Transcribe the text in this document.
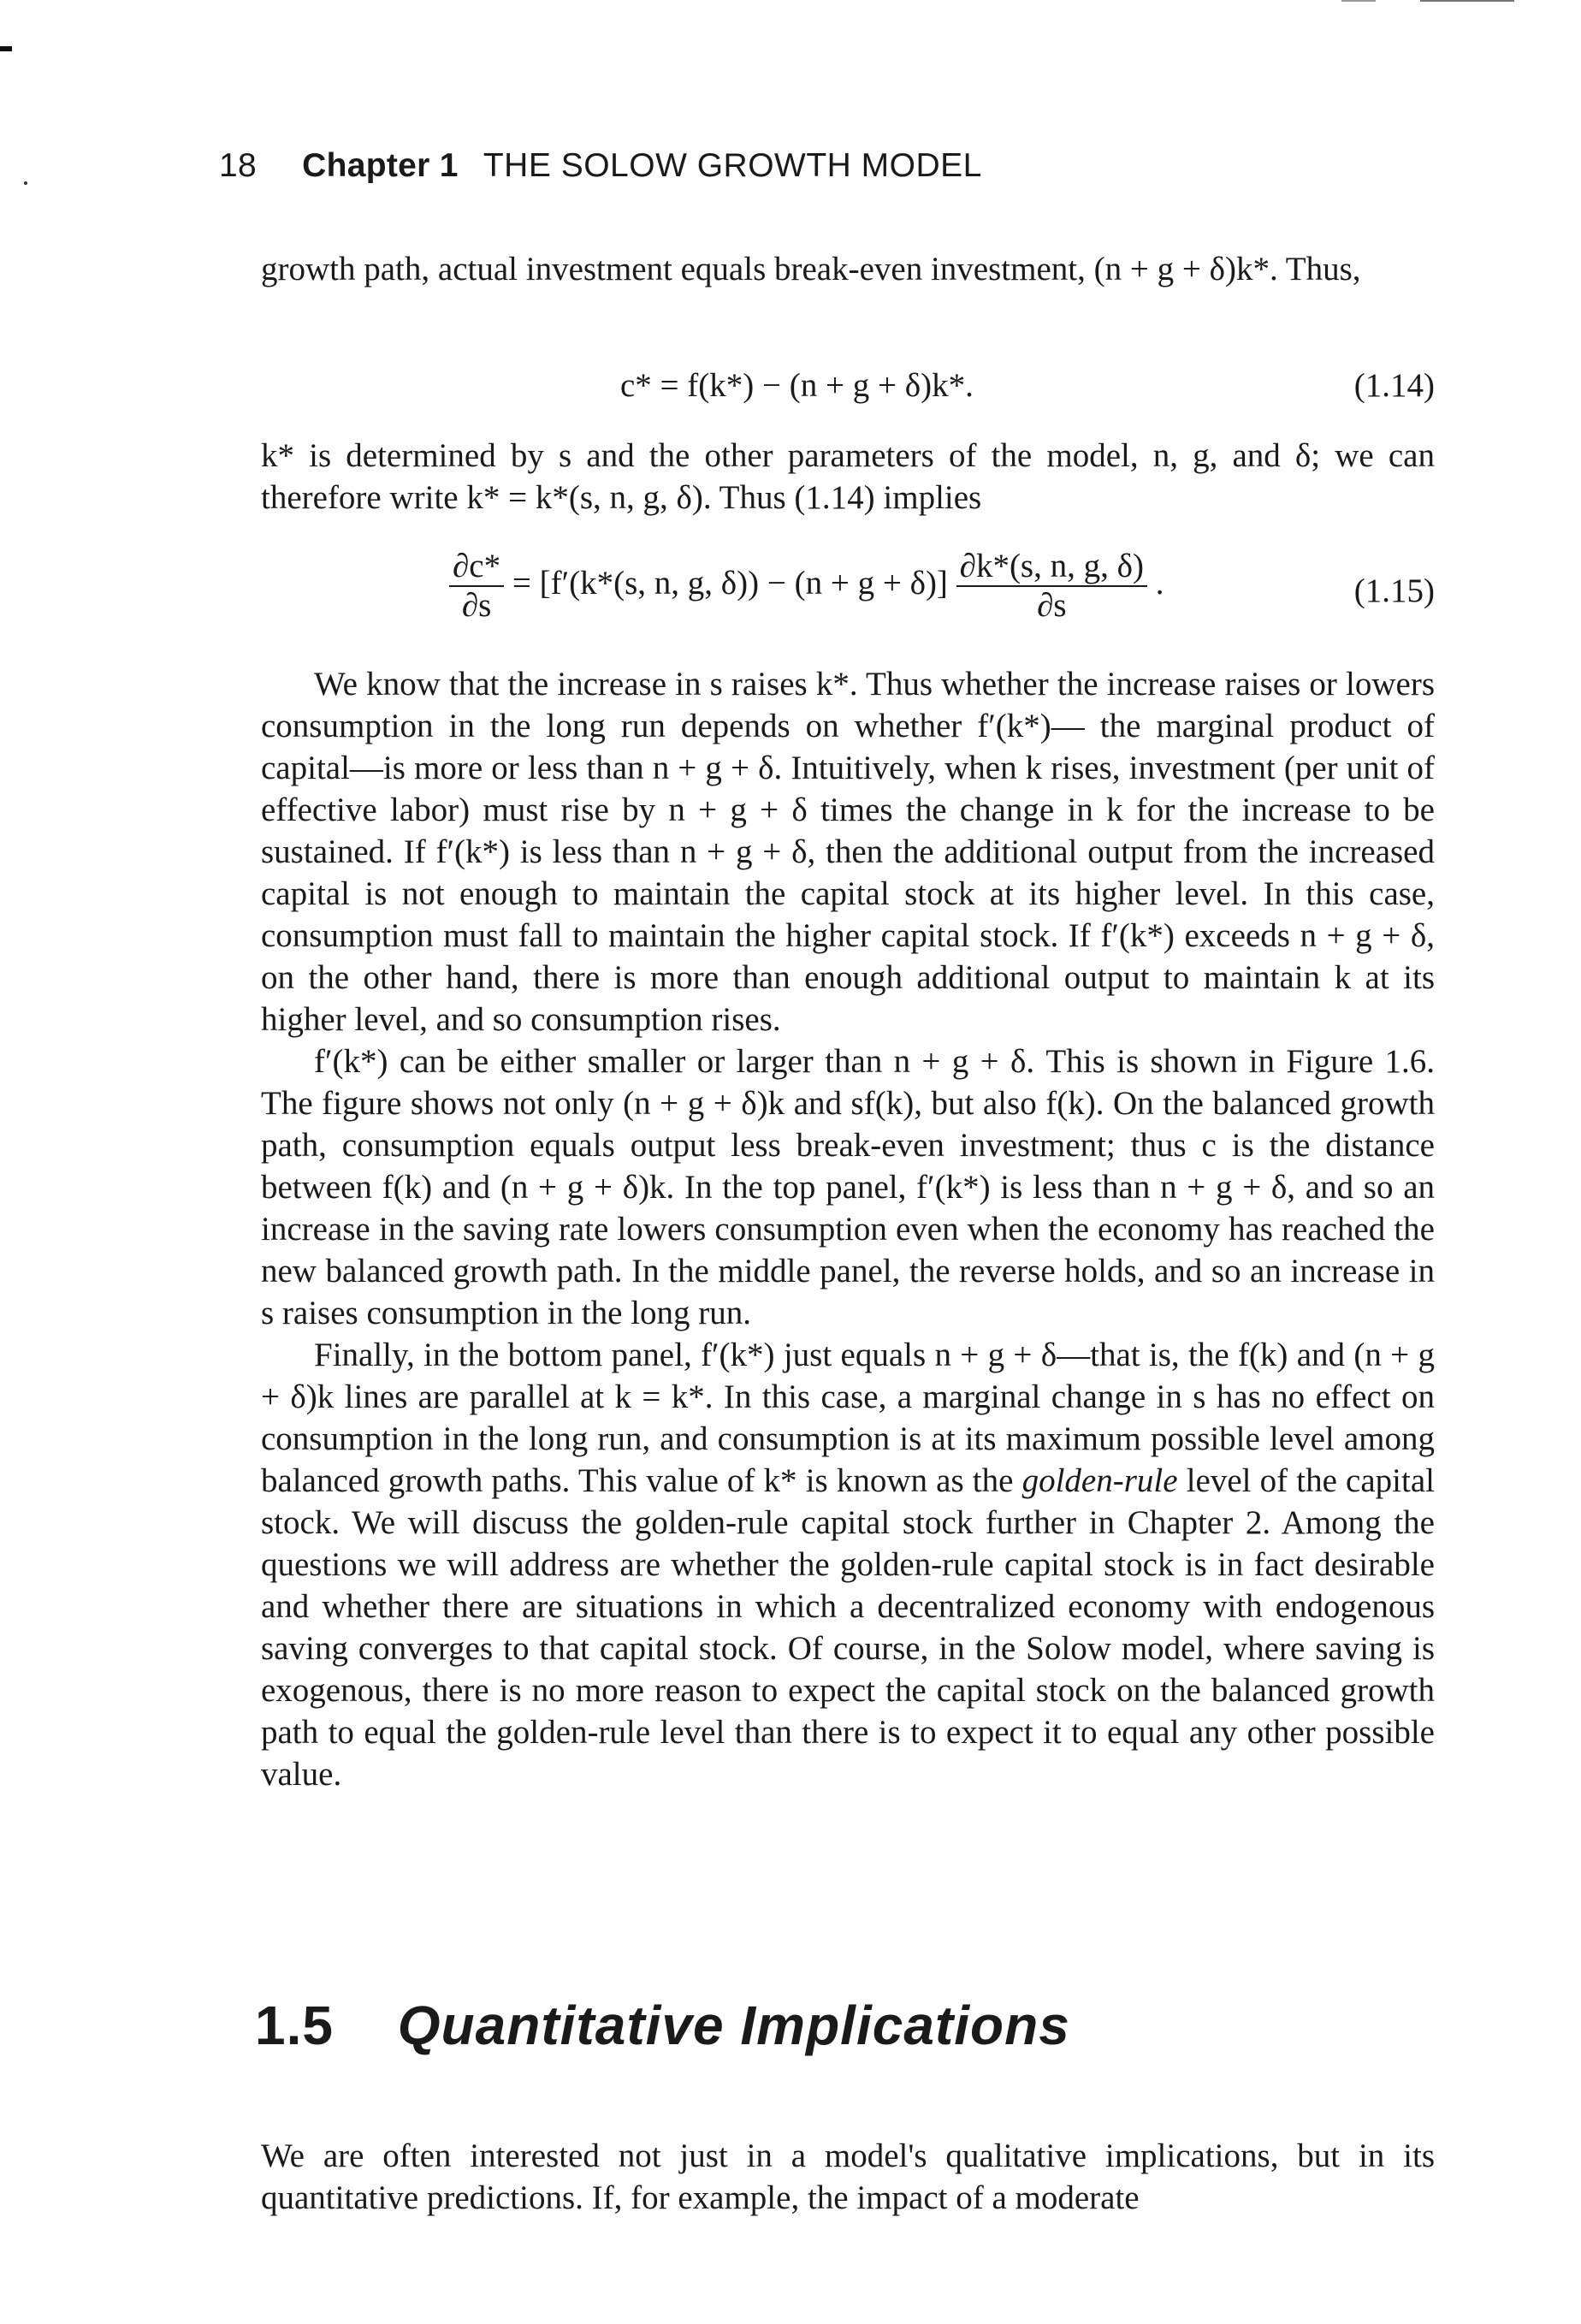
18 Chapter 1 THE SOLOW GROWTH MODEL

growth path, actual investment equals break-even investment, (n + g + δ)k*. Thus,

c* = f(k*) − (n + g + δ)k*.	(1.14)

k* is determined by s and the other parameters of the model, n, g, and δ; we can therefore write k* = k*(s, n, g, δ). Thus (1.14) implies

$\frac{\partial c*}{\partial s} = [f'(k*(s$, n, g, $\delta)) - (n + g + \delta)] \frac{\partial k*(s, n, g, \delta)}{\partial s}$ .	(1.15)

We know that the increase in s raises k*. Thus whether the increase raises or lowers consumption in the long run depends on whether f′(k*)— the marginal product of capital—is more or less than n + g + δ. Intuitively, when k rises, investment (per unit of effective labor) must rise by n + g + δ times the change in k for the increase to be sustained. If f′(k*) is less than n + g + δ, then the additional output from the increased capital is not enough to maintain the capital stock at its higher level. In this case, consumption must fall to maintain the higher capital stock. If f′(k*) exceeds n + g + δ, on the other hand, there is more than enough additional output to maintain k at its higher level, and so consumption rises.

f′(k*) can be either smaller or larger than n + g + δ. This is shown in Figure 1.6. The figure shows not only (n + g + δ)k and sf(k), but also f(k). On the balanced growth path, consumption equals output less break-even investment; thus c is the distance between f(k) and (n + g + δ)k. In the top panel, f′(k*) is less than n + g + δ, and so an increase in the saving rate lowers consumption even when the economy has reached the new balanced growth path. In the middle panel, the reverse holds, and so an increase in s raises consumption in the long run.

Finally, in the bottom panel, f′(k*) just equals n + g + δ—that is, the f(k) and (n + g + δ)k lines are parallel at k = k*. In this case, a marginal change in s has no effect on consumption in the long run, and consumption is at its maximum possible level among balanced growth paths. This value of k* is known as the golden-rule level of the capital stock. We will discuss the golden-rule capital stock further in Chapter 2. Among the questions we will address are whether the golden-rule capital stock is in fact desirable and whether there are situations in which a decentralized economy with endogenous saving converges to that capital stock. Of course, in the Solow model, where saving is exogenous, there is no more reason to expect the capital stock on the balanced growth path to equal the golden-rule level than there is to expect it to equal any other possible value.

1.5 Quantitative Implications

We are often interested not just in a model's qualitative implications, but in its quantitative predictions. If, for example, the impact of a moderate
